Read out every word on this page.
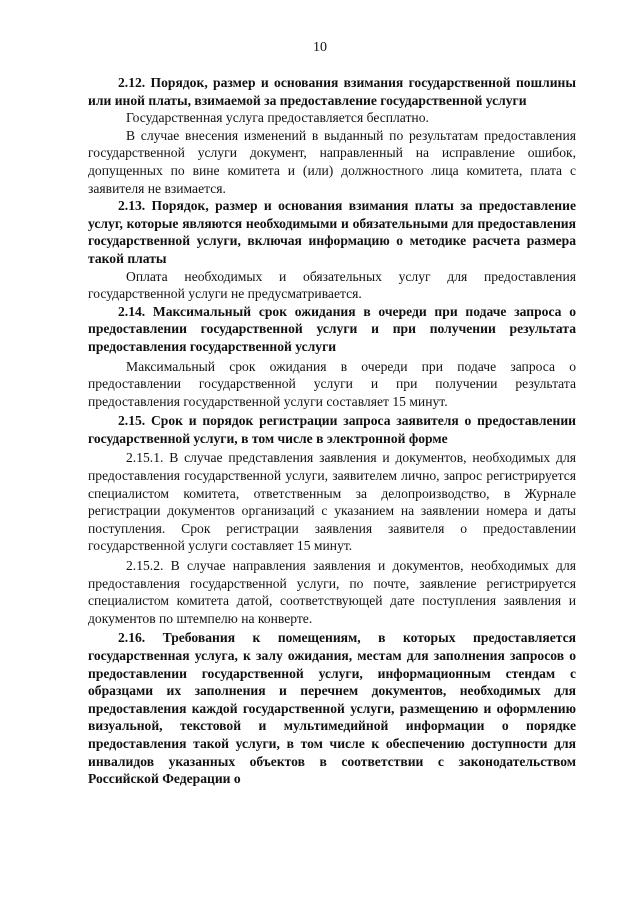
10

2.12. Порядок, размер и основания взимания государственной пошлины или иной платы, взимаемой за предоставление государственной услуги

Государственная услуга предоставляется бесплатно.

В случае внесения изменений в выданный по результатам предоставления государственной услуги документ, направленный на исправление ошибок, допущенных по вине комитета и (или) должностного лица комитета, плата с заявителя не взимается.

2.13. Порядок, размер и основания взимания платы за предоставление услуг, которые являются необходимыми и обязательными для предоставления государственной услуги, включая информацию о методике расчета размера такой платы

Оплата необходимых и обязательных услуг для предоставления государственной услуги не предусматривается.

2.14. Максимальный срок ожидания в очереди при подаче запроса о предоставлении государственной услуги и при получении результата предоставления государственной услуги

Максимальный срок ожидания в очереди при подаче запроса о предоставлении государственной услуги и при получении результата предоставления государственной услуги составляет 15 минут.

2.15. Срок и порядок регистрации запроса заявителя о предоставлении государственной услуги, в том числе в электронной форме

2.15.1. В случае представления заявления и документов, необходимых для предоставления государственной услуги, заявителем лично, запрос регистрируется специалистом комитета, ответственным за делопроизводство, в Журнале регистрации документов организаций с указанием на заявлении номера и даты поступления. Срок регистрации заявления заявителя о предоставлении государственной услуги составляет 15 минут.

2.15.2. В случае направления заявления и документов, необходимых для предоставления государственной услуги, по почте, заявление регистрируется специалистом комитета датой, соответствующей дате поступления заявления и документов по штемпелю на конверте.

2.16. Требования к помещениям, в которых предоставляется государственная услуга, к залу ожидания, местам для заполнения запросов о предоставлении государственной услуги, информационным стендам с образцами их заполнения и перечнем документов, необходимых для предоставления каждой государственной услуги, размещению и оформлению визуальной, текстовой и мультимедийной информации о порядке предоставления такой услуги, в том числе к обеспечению доступности для инвалидов указанных объектов в соответствии с законодательством Российской Федерации о
